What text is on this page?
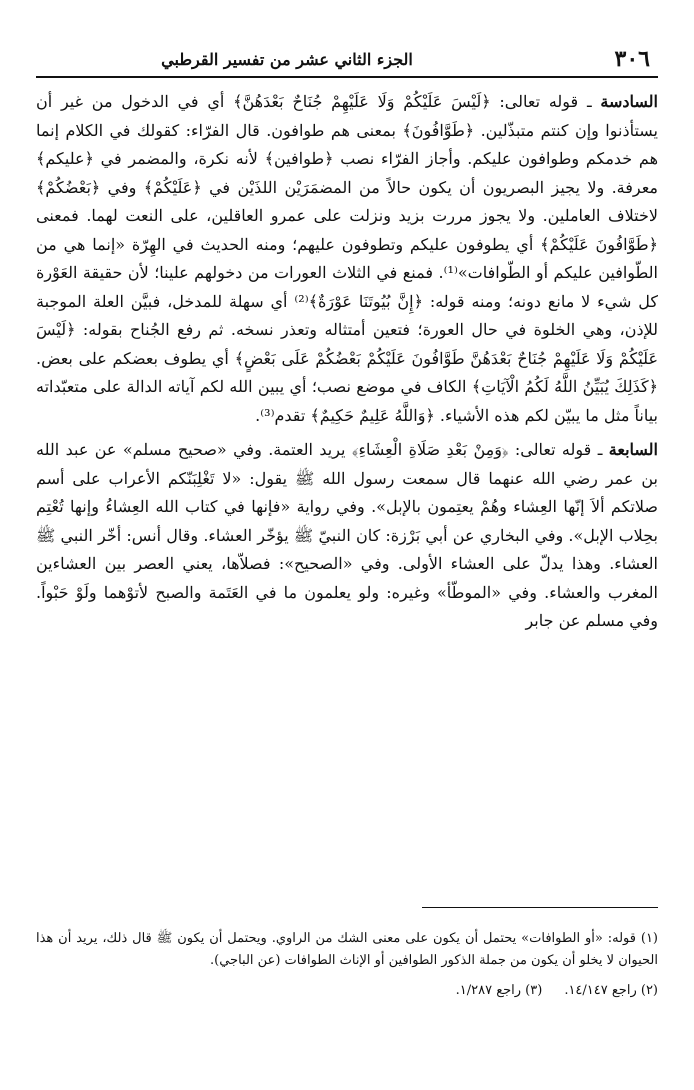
٣٠٦
الجزء الثاني عشر من تفسير القرطبي

السادسة ـ قوله تعالى: ﴿لَيْسَ عَلَيْكُمْ وَلَا عَلَيْهِمْ جُنَاحٌ بَعْدَهُنَّ﴾ أي في الدخول من غير أن يستأذنوا وإن كنتم متبذّلين. ﴿طَوَّافُونَ﴾ بمعنى هم طوافون. قال الفرّاء: كقولك في الكلام إنما هم خدمكم وطوافون عليكم. وأجاز الفرّاء نصب ﴿طوافين﴾ لأنه نكرة، والمضمر في ﴿عليكم﴾ معرفة. ولا يجيز البصريون أن يكون حالاً من المضمَرَيْن اللذَيْن في ﴿عَلَيْكُمْ﴾ وفي ﴿بَعْضُكُمْ﴾ لاختلاف العاملين. ولا يجوز مررت بزيد ونزلت على عمرو العاقلين، على النعت لهما. فمعنى ﴿طَوَّافُونَ عَلَيْكُمْ﴾ أي يطوفون عليكم وتطوفون عليهم؛ ومنه الحديث في الهِرّة «إنما هي من الطّوافين عليكم أو الطّوافات»⁽¹⁾. فمنع في الثلاث العورات من دخولهم علينا؛ لأن حقيقة العَوْرة كل شيء لا مانع دونه؛ ومنه قوله: ﴿إِنَّ بُيُوتَنَا عَوْرَةٌ﴾⁽²⁾ أي سهلة للمدخل، فبيَّن العلة الموجبة للإذن، وهي الخلوة في حال العورة؛ فتعين أمتثاله وتعذر نسخه. ثم رفع الجُناح بقوله: ﴿لَيْسَ عَلَيْكُمْ وَلَا عَلَيْهِمْ جُنَاحٌ بَعْدَهُنَّ طَوَّافُونَ عَلَيْكُمْ بَعْضُكُمْ عَلَى بَعْضٍ﴾ أي يطوف بعضكم على بعض. ﴿كَذَلِكَ يُبَيِّنُ اللَّهُ لَكُمُ الْآيَاتِ﴾ الكاف في موضع نصب؛ أي يبين الله لكم آياته الدالة على متعبّداته بياناً مثل ما يبيّن لكم هذه الأشياء. ﴿وَاللَّهُ عَلِيمٌ حَكِيمٌ﴾ تقدم⁽³⁾.

السابعة ـ قوله تعالى: ﴿وَمِنْ بَعْدِ صَلَاةِ الْعِشَاءِ﴾ يريد العتمة. وفي «صحيح مسلم» عن عبد الله بن عمر رضي الله عنهما قال سمعت رسول الله ﷺ يقول: «لا تَغْلِبَنّكم الأعراب على أسم صلاتكم ألاَ إنّها العِشاء وهُمْ يعتِمون بالإبل». وفي رواية «فإنها في كتاب الله العِشاءُ وإنها تُعْتِم بحِلاب الإبل». وفي البخاري عن أبي بَرْزة: كان النبيّ ﷺ يؤخّر العشاء. وقال أنس: أخّر النبي ﷺ العشاء. وهذا يدلّ على العشاء الأولى. وفي «الصحيح»: فصلاّها، يعني العصر بين العشاءين المغرب والعشاء. وفي «الموطّأ» وغيره: ولو يعلمون ما في العَتَمة والصبح لأتوْهما ولَوْ حَبْواً. وفي مسلم عن جابر

(١) قوله: «أو الطوافات» يحتمل أن يكون على معنى الشك من الراوي. ويحتمل أن يكون ﷺ قال ذلك، يريد أن هذا الحيوان لا يخلو أن يكون من جملة الذكور الطوافين أو الإناث الطوافات (عن الباجي).

(٢) راجع ١٤/١٤٧.(٣) راجع ١/٢٨٧.
